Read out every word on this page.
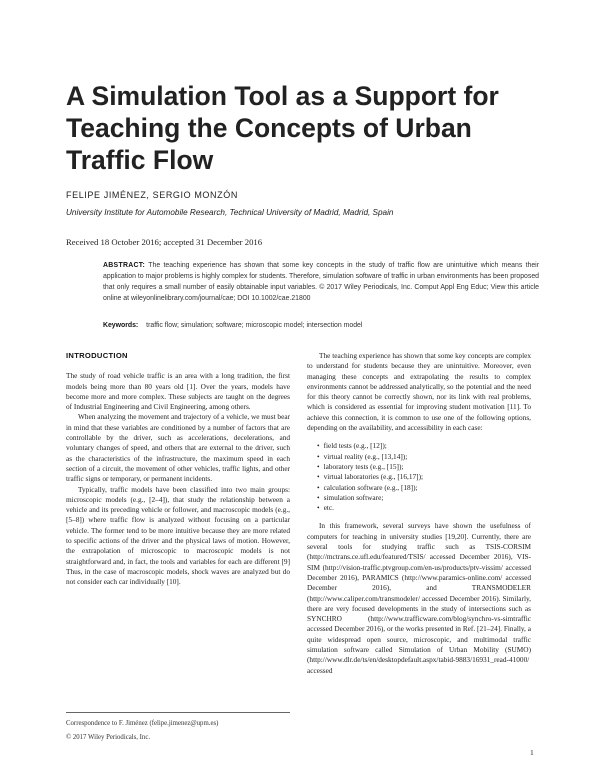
A Simulation Tool as a Support for Teaching the Concepts of Urban Traffic Flow
FELIPE JIMÉNEZ, SERGIO MONZÓN
University Institute for Automobile Research, Technical University of Madrid, Madrid, Spain
Received 18 October 2016; accepted 31 December 2016

ABSTRACT: The teaching experience has shown that some key concepts in the study of traffic flow are unintuitive which means their application to major problems is highly complex for students. Therefore, simulation software of traffic in urban environments has been proposed that only requires a small number of easily obtainable input variables. © 2017 Wiley Periodicals, Inc. Comput Appl Eng Educ; View this article online at wileyonlinelibrary.com/journal/cae; DOI 10.1002/cae.21800

Keywords: traffic flow; simulation; software; microscopic model; intersection model
INTRODUCTION

The study of road vehicle traffic is an area with a long tradition, the first models being more than 80 years old [1]. Over the years, models have become more and more complex. These subjects are taught on the degrees of Industrial Engineering and Civil Engineering, among others.

When analyzing the movement and trajectory of a vehicle, we must bear in mind that these variables are conditioned by a number of factors that are controllable by the driver, such as accelerations, decelerations, and voluntary changes of speed, and others that are external to the driver, such as the characteristics of the infrastructure, the maximum speed in each section of a circuit, the movement of other vehicles, traffic lights, and other traffic signs or temporary, or permanent incidents.

Typically, traffic models have been classified into two main groups: microscopic models (e.g., [2–4]), that study the relationship between a vehicle and its preceding vehicle or follower, and macroscopic models (e.g., [5–8]) where traffic flow is analyzed without focusing on a particular vehicle. The former tend to be more intuitive because they are more related to specific actions of the driver and the physical laws of motion. However, the extrapolation of microscopic to macroscopic models is not straightforward and, in fact, the tools and variables for each are different [9] Thus, in the case of macroscopic models, shock waves are analyzed but do not consider each car individually [10].

The teaching experience has shown that some key concepts are complex to understand for students because they are unintuitive. Moreover, even managing these concepts and extrapolating the results to complex environments cannot be addressed analytically, so the potential and the need for this theory cannot be correctly shown, nor its link with real problems, which is considered as essential for improving student motivation [11]. To achieve this connection, it is common to use one of the following options, depending on the availability, and accessibility in each case:

• field tests (e.g., [12]);
• virtual reality (e.g., [13,14]);
• laboratory tests (e.g., [15]);
• virtual laboratories (e.g., [16,17]);
• calculation software (e.g., [18]);
• simulation software;
• etc.

In this framework, several surveys have shown the usefulness of computers for teaching in university studies [19,20]. Currently, there are several tools for studying traffic such as TSIS-CORSIM (http://mctrans.ce.ufl.edu/featured/TSIS/ accessed December 2016), VIS-SIM (http://vision-traffic.ptvgroup.com/en-us/products/ptv-vissim/ accessed December 2016), PARAMICS (http://www.paramics-online.com/ accessed December 2016), and TRANSMODELER (http://www.caliper.com/transmodeler/ accessed December 2016). Similarly, there are very focused developments in the study of intersections such as SYNCHRO (http://www.trafficware.com/blog/synchro-vs-simtraffic accessed December 2016), or the works presented in Ref. [21–24]. Finally, a quite widespread open source, microscopic, and multimodal traffic simulation software called Simulation of Urban Mobility (SUMO) (http://www.dlr.de/ts/en/desktopdefault.aspx/tabid-9883/16931_read-41000/ accessed

Correspondence to F. Jiménez (felipe.jimenez@upm.es)
© 2017 Wiley Periodicals, Inc.
1
